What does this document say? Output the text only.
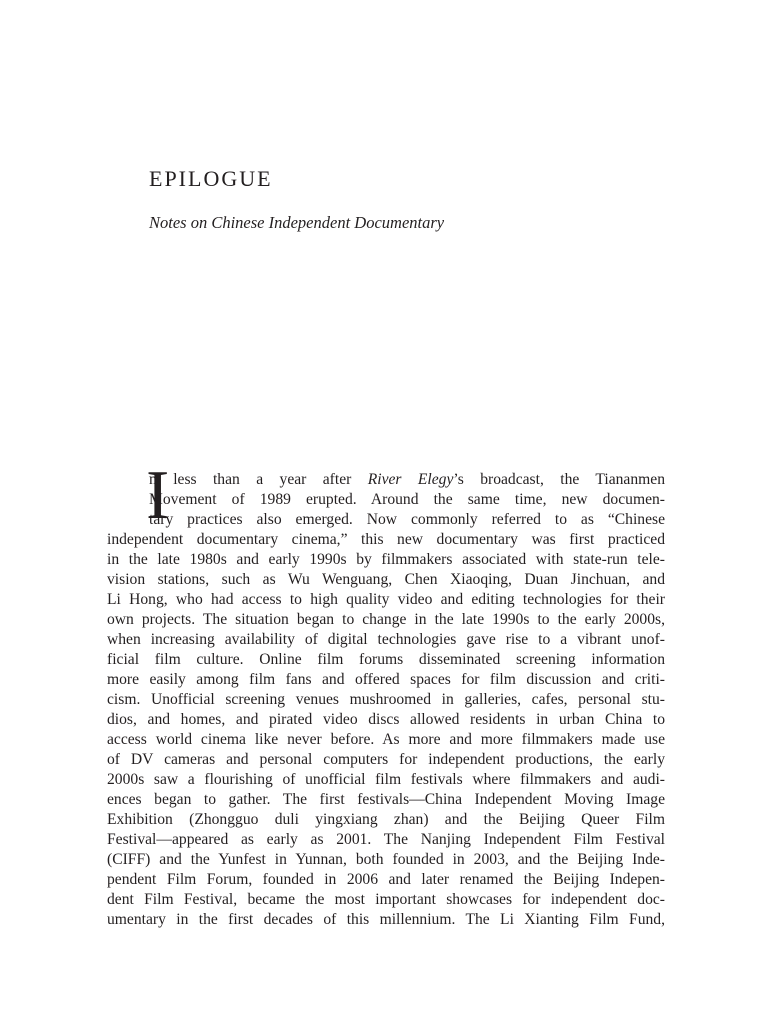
EPILOGUE

Notes on Chinese Independent Documentary

I
n less than a year after River Elegy’s broadcast, the Tiananmen
Movement of 1989 erupted. Around the same time, new documen-
tary practices also emerged. Now commonly referred to as “Chinese
independent documentary cinema,” this new documentary was first practiced
in the late 1980s and early 1990s by filmmakers associated with state-run tele-
vision stations, such as Wu Wenguang, Chen Xiaoqing, Duan Jinchuan, and
Li Hong, who had access to high quality video and editing technologies for their
own projects. The situation began to change in the late 1990s to the early 2000s,
when increasing availability of digital technologies gave rise to a vibrant unof-
ficial film culture. Online film forums disseminated screening information
more easily among film fans and offered spaces for film discussion and criti-
cism. Unofficial screening venues mushroomed in galleries, cafes, personal stu-
dios, and homes, and pirated video discs allowed residents in urban China to
access world cinema like never before. As more and more filmmakers made use
of DV cameras and personal computers for independent productions, the early
2000s saw a flourishing of unofficial film festivals where filmmakers and audi-
ences began to gather. The first festivals—China Independent Moving Image
Exhibition (Zhongguo duli yingxiang zhan) and the Beijing Queer Film
Festival—appeared as early as 2001. The Nanjing Independent Film Festival
(CIFF) and the Yunfest in Yunnan, both founded in 2003, and the Beijing Inde-
pendent Film Forum, founded in 2006 and later renamed the Beijing Indepen-
dent Film Festival, became the most important showcases for independent doc-
umentary in the first decades of this millennium. The Li Xianting Film Fund,
